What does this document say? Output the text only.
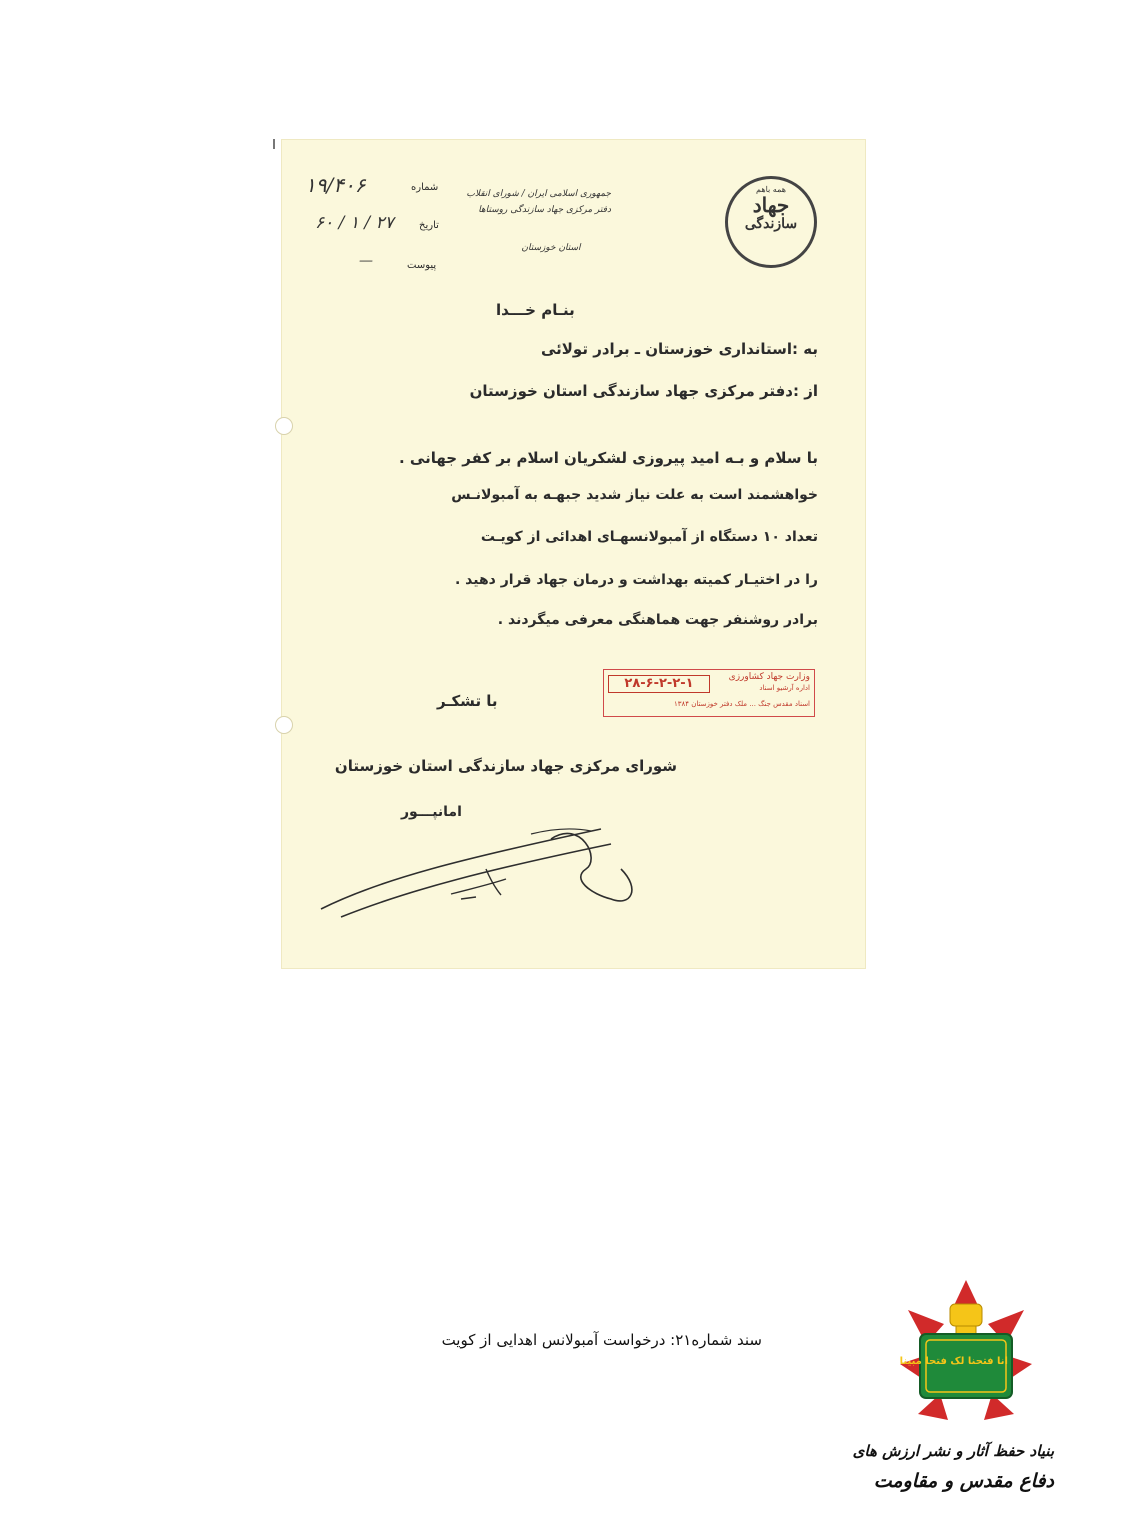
همه باهم
جهاد
سازندگی
جمهوری اسلامی ایران / شورای انقلاب
دفتر مرکزی جهاد سازندگی روستاها
استان خوزستان
شماره
۱۹/۴۰۶
تاریخ
۲۷ / ۱ / ۶۰
پیوست
—
بنـام خـــدا
به :استانداری خوزستان ـ برادر تولائی
از :دفتر مرکزی جهاد سازندگی استان خوزستان
با سلام و بـه امید پیروزی لشکریان اسلام بر کفر جهانی .
خواهشمند است به علت نیاز شدید جبهـه به آمبولانـس
تعداد ۱۰ دستگاه از آمبولانسهـای اهدائی از کویـت
را در اختیـار کمیته بهداشت و درمان جهاد قرار دهید .
برادر روشنفر جهت هماهنگی معرفی میگردند .
۲۸-۶-۲-۲-۱	وزارت جهاد کشاورزی
اداره آرشیو اسناد
اسناد مقدس جنگ ... ملک دفتر خوزستان ۱۳۸۴
با تشکـر
شورای مرکزی جهاد سازندگی استان خوزستان
امانپـــور
سند شماره۲۱: درخواست آمبولانس اهدایی از کویت
انا فتحنا لک فتحا مبینا
بنیاد حفظ آثار و نشر ارزش های
دفاع مقدس و مقاومت
